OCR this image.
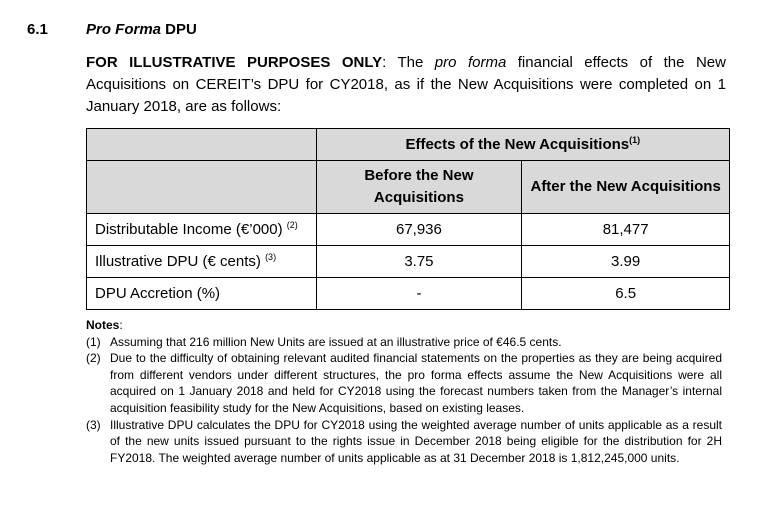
6.1	Pro Forma DPU
FOR ILLUSTRATIVE PURPOSES ONLY: The pro forma financial effects of the New Acquisitions on CEREIT’s DPU for CY2018, as if the New Acquisitions were completed on 1 January 2018, are as follows:
	Effects of the New Acquisitions$^{(1)}$
	Before the New Acquisitions	After the New Acquisitions
Distributable Income (€’000) $^{(2)}$	67,936	81,477
Illustrative DPU (€ cents) $^{(3)}$	3.75	3.99
DPU Accretion (%)	-	6.5
Notes:
(1) Assuming that 216 million New Units are issued at an illustrative price of €46.5 cents.
(2) Due to the difficulty of obtaining relevant audited financial statements on the properties as they are being acquired from different vendors under different structures, the pro forma effects assume the New Acquisitions were all acquired on 1 January 2018 and held for CY2018 using the forecast numbers taken from the Manager’s internal acquisition feasibility study for the New Acquisitions, based on existing leases.
(3) Illustrative DPU calculates the DPU for CY2018 using the weighted average number of units applicable as a result of the new units issued pursuant to the rights issue in December 2018 being eligible for the distribution for 2H FY2018. The weighted average number of units applicable as at 31 December 2018 is 1,812,245,000 units.
